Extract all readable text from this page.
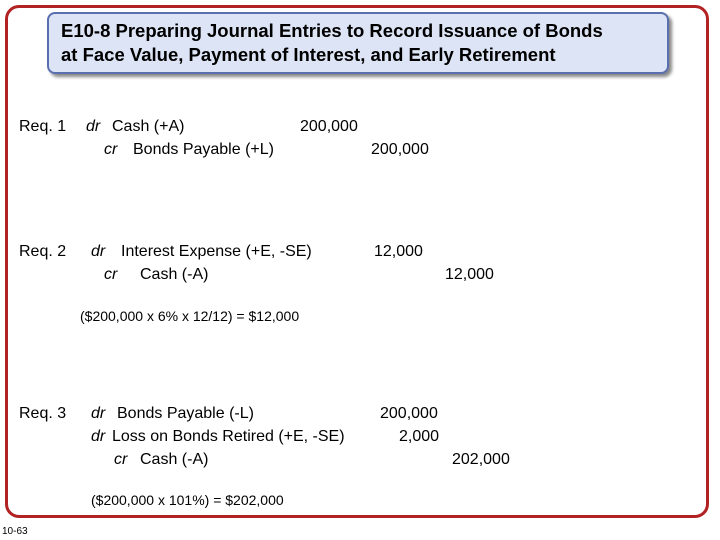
E10-8 Preparing Journal Entries to Record Issuance of Bonds
at Face Value, Payment of Interest, and Early Retirement
Req. 1 dr Cash (+A)	200,000
cr Bonds Payable (+L)	200,000
Req. 2 dr Interest Expense (+E, -SE)	12,000
cr Cash (-A)	12,000
($200,000 x 6% x 12/12) = $12,000
Req. 3 dr Bonds Payable (-L)	200,000
dr Loss on Bonds Retired (+E, -SE)	2,000
cr Cash (-A)	202,000
($200,000 x 101%) = $202,000
10-63
